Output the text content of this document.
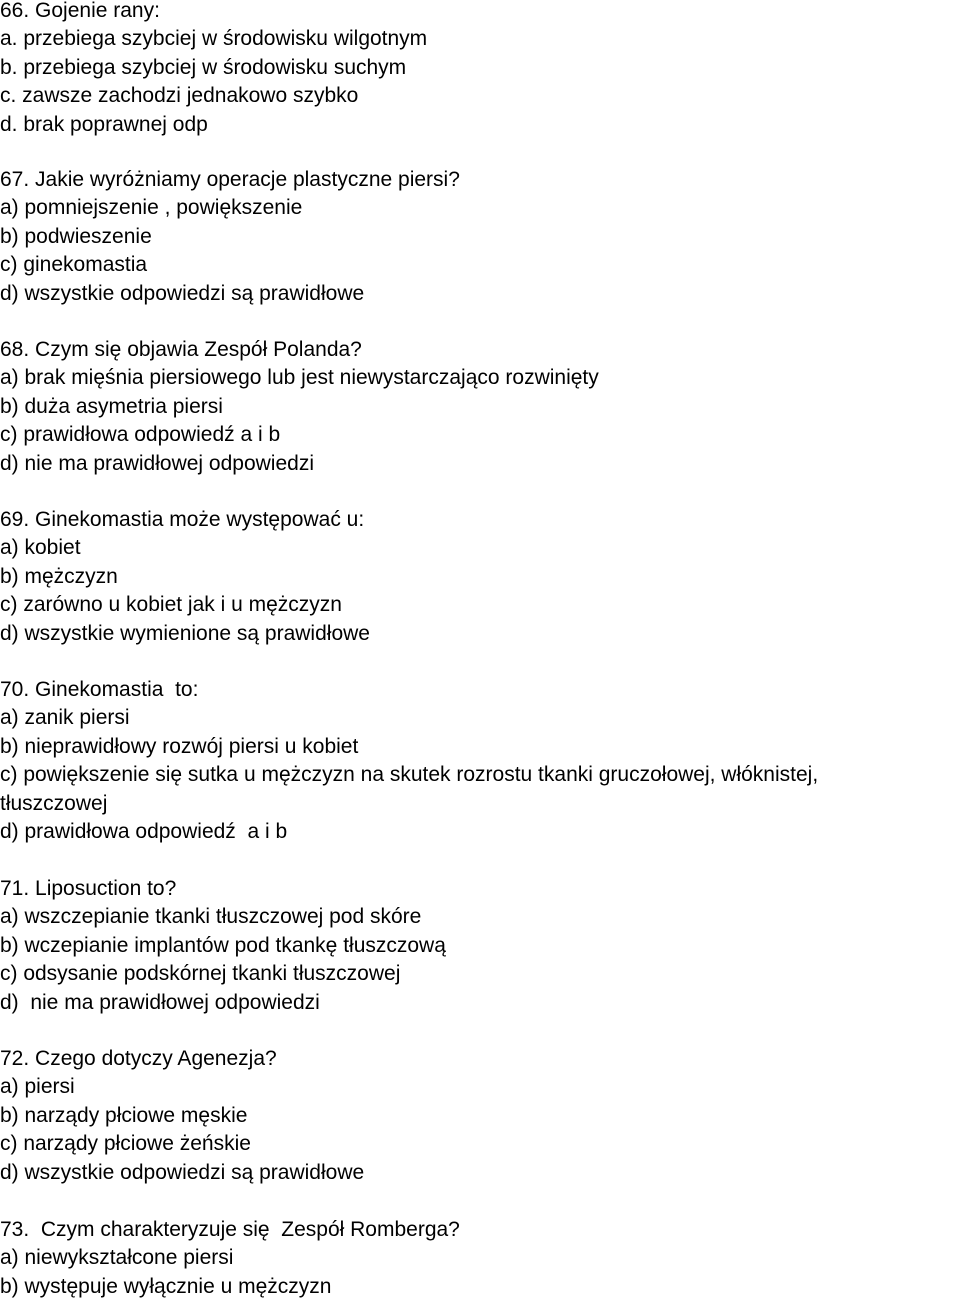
66. Gojenie rany:

a. przebiega szybciej w środowisku wilgotnym

b. przebiega szybciej w środowisku suchym

c. zawsze zachodzi jednakowo szybko

d. brak poprawnej odp

67. Jakie wyróżniamy operacje plastyczne piersi?

a) pomniejszenie , powiększenie

b) podwieszenie

c) ginekomastia

d) wszystkie odpowiedzi są prawidłowe

68. Czym się objawia Zespół Polanda?

a) brak mięśnia piersiowego lub jest niewystarczająco rozwinięty

b) duża asymetria piersi

c) prawidłowa odpowiedź a i b

d) nie ma prawidłowej odpowiedzi

69. Ginekomastia może występować u:

a) kobiet

b) mężczyzn

c) zarówno u kobiet jak i u mężczyzn

d) wszystkie wymienione są prawidłowe

70. Ginekomastia  to:

a) zanik piersi

b) nieprawidłowy rozwój piersi u kobiet

c) powiększenie się sutka u mężczyzn na skutek rozrostu tkanki gruczołowej, włóknistej,

tłuszczowej

d) prawidłowa odpowiedź  a i b

71. Liposuction to?

a) wszczepianie tkanki tłuszczowej pod skóre

b) wczepianie implantów pod tkankę tłuszczową

c) odsysanie podskórnej tkanki tłuszczowej

d)  nie ma prawidłowej odpowiedzi

72. Czego dotyczy Agenezja?

a) piersi

b) narządy płciowe męskie

c) narządy płciowe żeńskie

d) wszystkie odpowiedzi są prawidłowe

73.  Czym charakteryzuje się  Zespół Romberga?

a) niewykształcone piersi

b) występuje wyłącznie u mężczyzn
